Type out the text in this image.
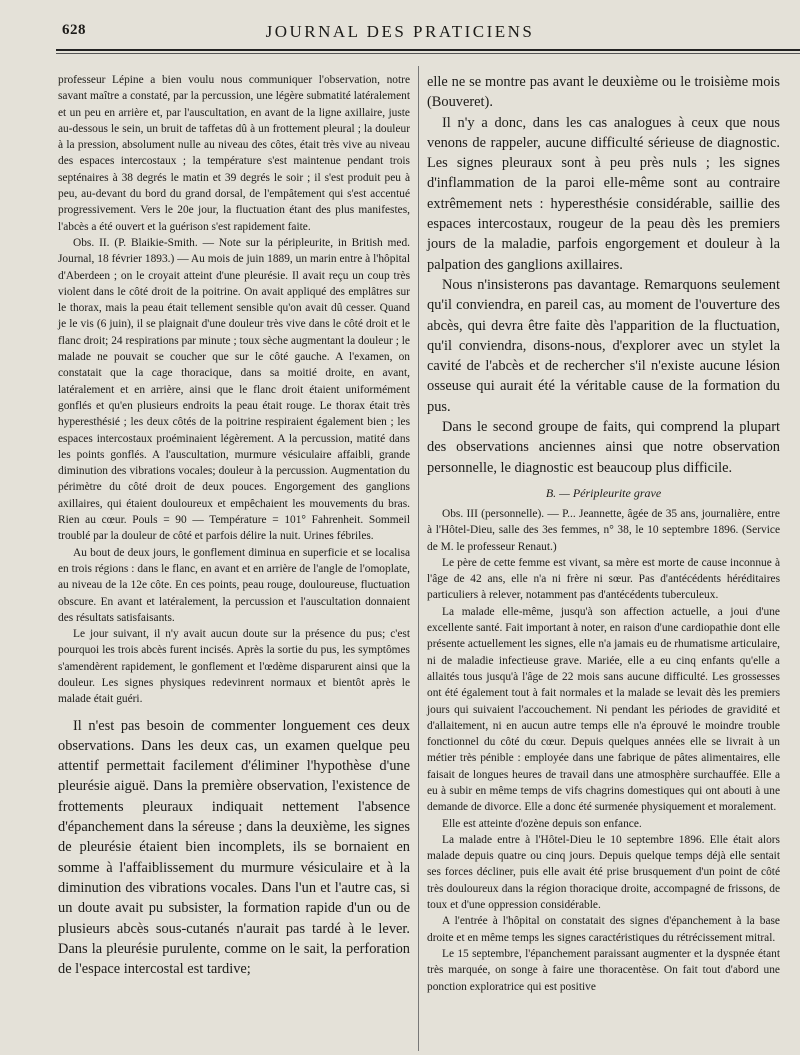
628	JOURNAL DES PRATICIENS

professeur Lépine a bien voulu nous communiquer l'observation, notre savant maître a constaté, par la percussion, une légère submatité latéralement et un peu en arrière et, par l'auscultation, en avant de la ligne axillaire, juste au-dessous le sein, un bruit de taffetas dû à un frottement pleural ; la douleur à la pression, absolument nulle au niveau des côtes, était très vive au niveau des espaces intercostaux ; la température s'est maintenue pendant trois septénaires à 38 degrés le matin et 39 degrés le soir ; il s'est produit peu à peu, au-devant du bord du grand dorsal, de l'empâtement qui s'est accentué progressivement. Vers le 20e jour, la fluctuation étant des plus manifestes, l'abcès a été ouvert et la guérison s'est rapidement faite.

Obs. II. (P. Blaikie-Smith. — Note sur la péripleurite, in British med. Journal, 18 février 1893.) — Au mois de juin 1889, un marin entre à l'hôpital d'Aberdeen ; on le croyait atteint d'une pleurésie. Il avait reçu un coup très violent dans le côté droit de la poitrine. On avait appliqué des emplâtres sur le thorax, mais la peau était tellement sensible qu'on avait dû cesser. Quand je le vis (6 juin), il se plaignait d'une douleur très vive dans le côté droit et le flanc droit; 24 respirations par minute ; toux sèche augmentant la douleur ; le malade ne pouvait se coucher que sur le côté gauche. A l'examen, on constatait que la cage thoracique, dans sa moitié droite, en avant, latéralement et en arrière, ainsi que le flanc droit étaient uniformément gonflés et qu'en plusieurs endroits la peau était rouge. Le thorax était très hyperesthésié ; les deux côtés de la poitrine respiraient également bien ; les espaces intercostaux proéminaient légèrement. A la percussion, matité dans les points gonflés. A l'auscultation, murmure vésiculaire affaibli, grande diminution des vibrations vocales; douleur à la percussion. Augmentation du périmètre du côté droit de deux pouces. Engorgement des ganglions axillaires, qui étaient douloureux et empêchaient les mouvements du bras. Rien au cœur. Pouls = 90 — Température = 101° Fahrenheit. Sommeil troublé par la douleur de côté et parfois délire la nuit. Urines fébriles.

Au bout de deux jours, le gonflement diminua en superficie et se localisa en trois régions : dans le flanc, en avant et en arrière de l'angle de l'omoplate, au niveau de la 12e côte. En ces points, peau rouge, douloureuse, fluctuation obscure. En avant et latéralement, la percussion et l'auscultation donnaient des résultats satisfaisants.

Le jour suivant, il n'y avait aucun doute sur la présence du pus; c'est pourquoi les trois abcès furent incisés. Après la sortie du pus, les symptômes s'amendèrent rapidement, le gonflement et l'œdème disparurent ainsi que la douleur. Les signes physiques redevinrent normaux et bientôt après le malade était guéri.

Il n'est pas besoin de commenter longuement ces deux observations. Dans les deux cas, un examen quelque peu attentif permettait facilement d'éliminer l'hypothèse d'une pleurésie aiguë. Dans la première observation, l'existence de frottements pleuraux indiquait nettement l'absence d'épanchement dans la séreuse ; dans la deuxième, les signes de pleurésie étaient bien incomplets, ils se bornaient en somme à l'affaiblissement du murmure vésiculaire et à la diminution des vibrations vocales. Dans l'un et l'autre cas, si un doute avait pu subsister, la formation rapide d'un ou de plusieurs abcès sous-cutanés n'aurait pas tardé à le lever. Dans la pleurésie purulente, comme on le sait, la perforation de l'espace intercostal est tardive;

elle ne se montre pas avant le deuxième ou le troisième mois (Bouveret).

Il n'y a donc, dans les cas analogues à ceux que nous venons de rappeler, aucune difficulté sérieuse de diagnostic. Les signes pleuraux sont à peu près nuls ; les signes d'inflammation de la paroi elle-même sont au contraire extrêmement nets : hyperesthésie considérable, saillie des espaces intercostaux, rougeur de la peau dès les premiers jours de la maladie, parfois engorgement et douleur à la palpation des ganglions axillaires.

Nous n'insisterons pas davantage. Remarquons seulement qu'il conviendra, en pareil cas, au moment de l'ouverture des abcès, qui devra être faite dès l'apparition de la fluctuation, qu'il conviendra, disons-nous, d'explorer avec un stylet la cavité de l'abcès et de rechercher s'il n'existe aucune lésion osseuse qui aurait été la véritable cause de la formation du pus.

Dans le second groupe de faits, qui comprend la plupart des observations anciennes ainsi que notre observation personnelle, le diagnostic est beaucoup plus difficile.

B. — Péripleurite grave

Obs. III (personnelle). — P... Jeannette, âgée de 35 ans, journalière, entre à l'Hôtel-Dieu, salle des 3es femmes, n° 38, le 10 septembre 1896. (Service de M. le professeur Renaut.)

Le père de cette femme est vivant, sa mère est morte de cause inconnue à l'âge de 42 ans, elle n'a ni frère ni sœur. Pas d'antécédents héréditaires particuliers à relever, notamment pas d'antécédents tuberculeux.

La malade elle-même, jusqu'à son affection actuelle, a joui d'une excellente santé. Fait important à noter, en raison d'une cardiopathie dont elle présente actuellement les signes, elle n'a jamais eu de rhumatisme articulaire, ni de maladie infectieuse grave. Mariée, elle a eu cinq enfants qu'elle a allaités tous jusqu'à l'âge de 22 mois sans aucune difficulté. Les grossesses ont été également tout à fait normales et la malade se levait dès les premiers jours qui suivaient l'accouchement. Ni pendant les périodes de gravidité et d'allaitement, ni en aucun autre temps elle n'a éprouvé le moindre trouble fonctionnel du côté du cœur. Depuis quelques années elle se livrait à un métier très pénible : employée dans une fabrique de pâtes alimentaires, elle faisait de longues heures de travail dans une atmosphère surchauffée. Elle a eu à subir en même temps de vifs chagrins domestiques qui ont abouti à une demande de divorce. Elle a donc été surmenée physiquement et moralement.

Elle est atteinte d'ozène depuis son enfance.

La malade entre à l'Hôtel-Dieu le 10 septembre 1896. Elle était alors malade depuis quatre ou cinq jours. Depuis quelque temps déjà elle sentait ses forces décliner, puis elle avait été prise brusquement d'un point de côté très douloureux dans la région thoracique droite, accompagné de frissons, de toux et d'une oppression considérable.

A l'entrée à l'hôpital on constatait des signes d'épanchement à la base droite et en même temps les signes caractéristiques du rétrécissement mitral.

Le 15 septembre, l'épanchement paraissant augmenter et la dyspnée étant très marquée, on songe à faire une thoracentèse. On fait tout d'abord une ponction exploratrice qui est positive
